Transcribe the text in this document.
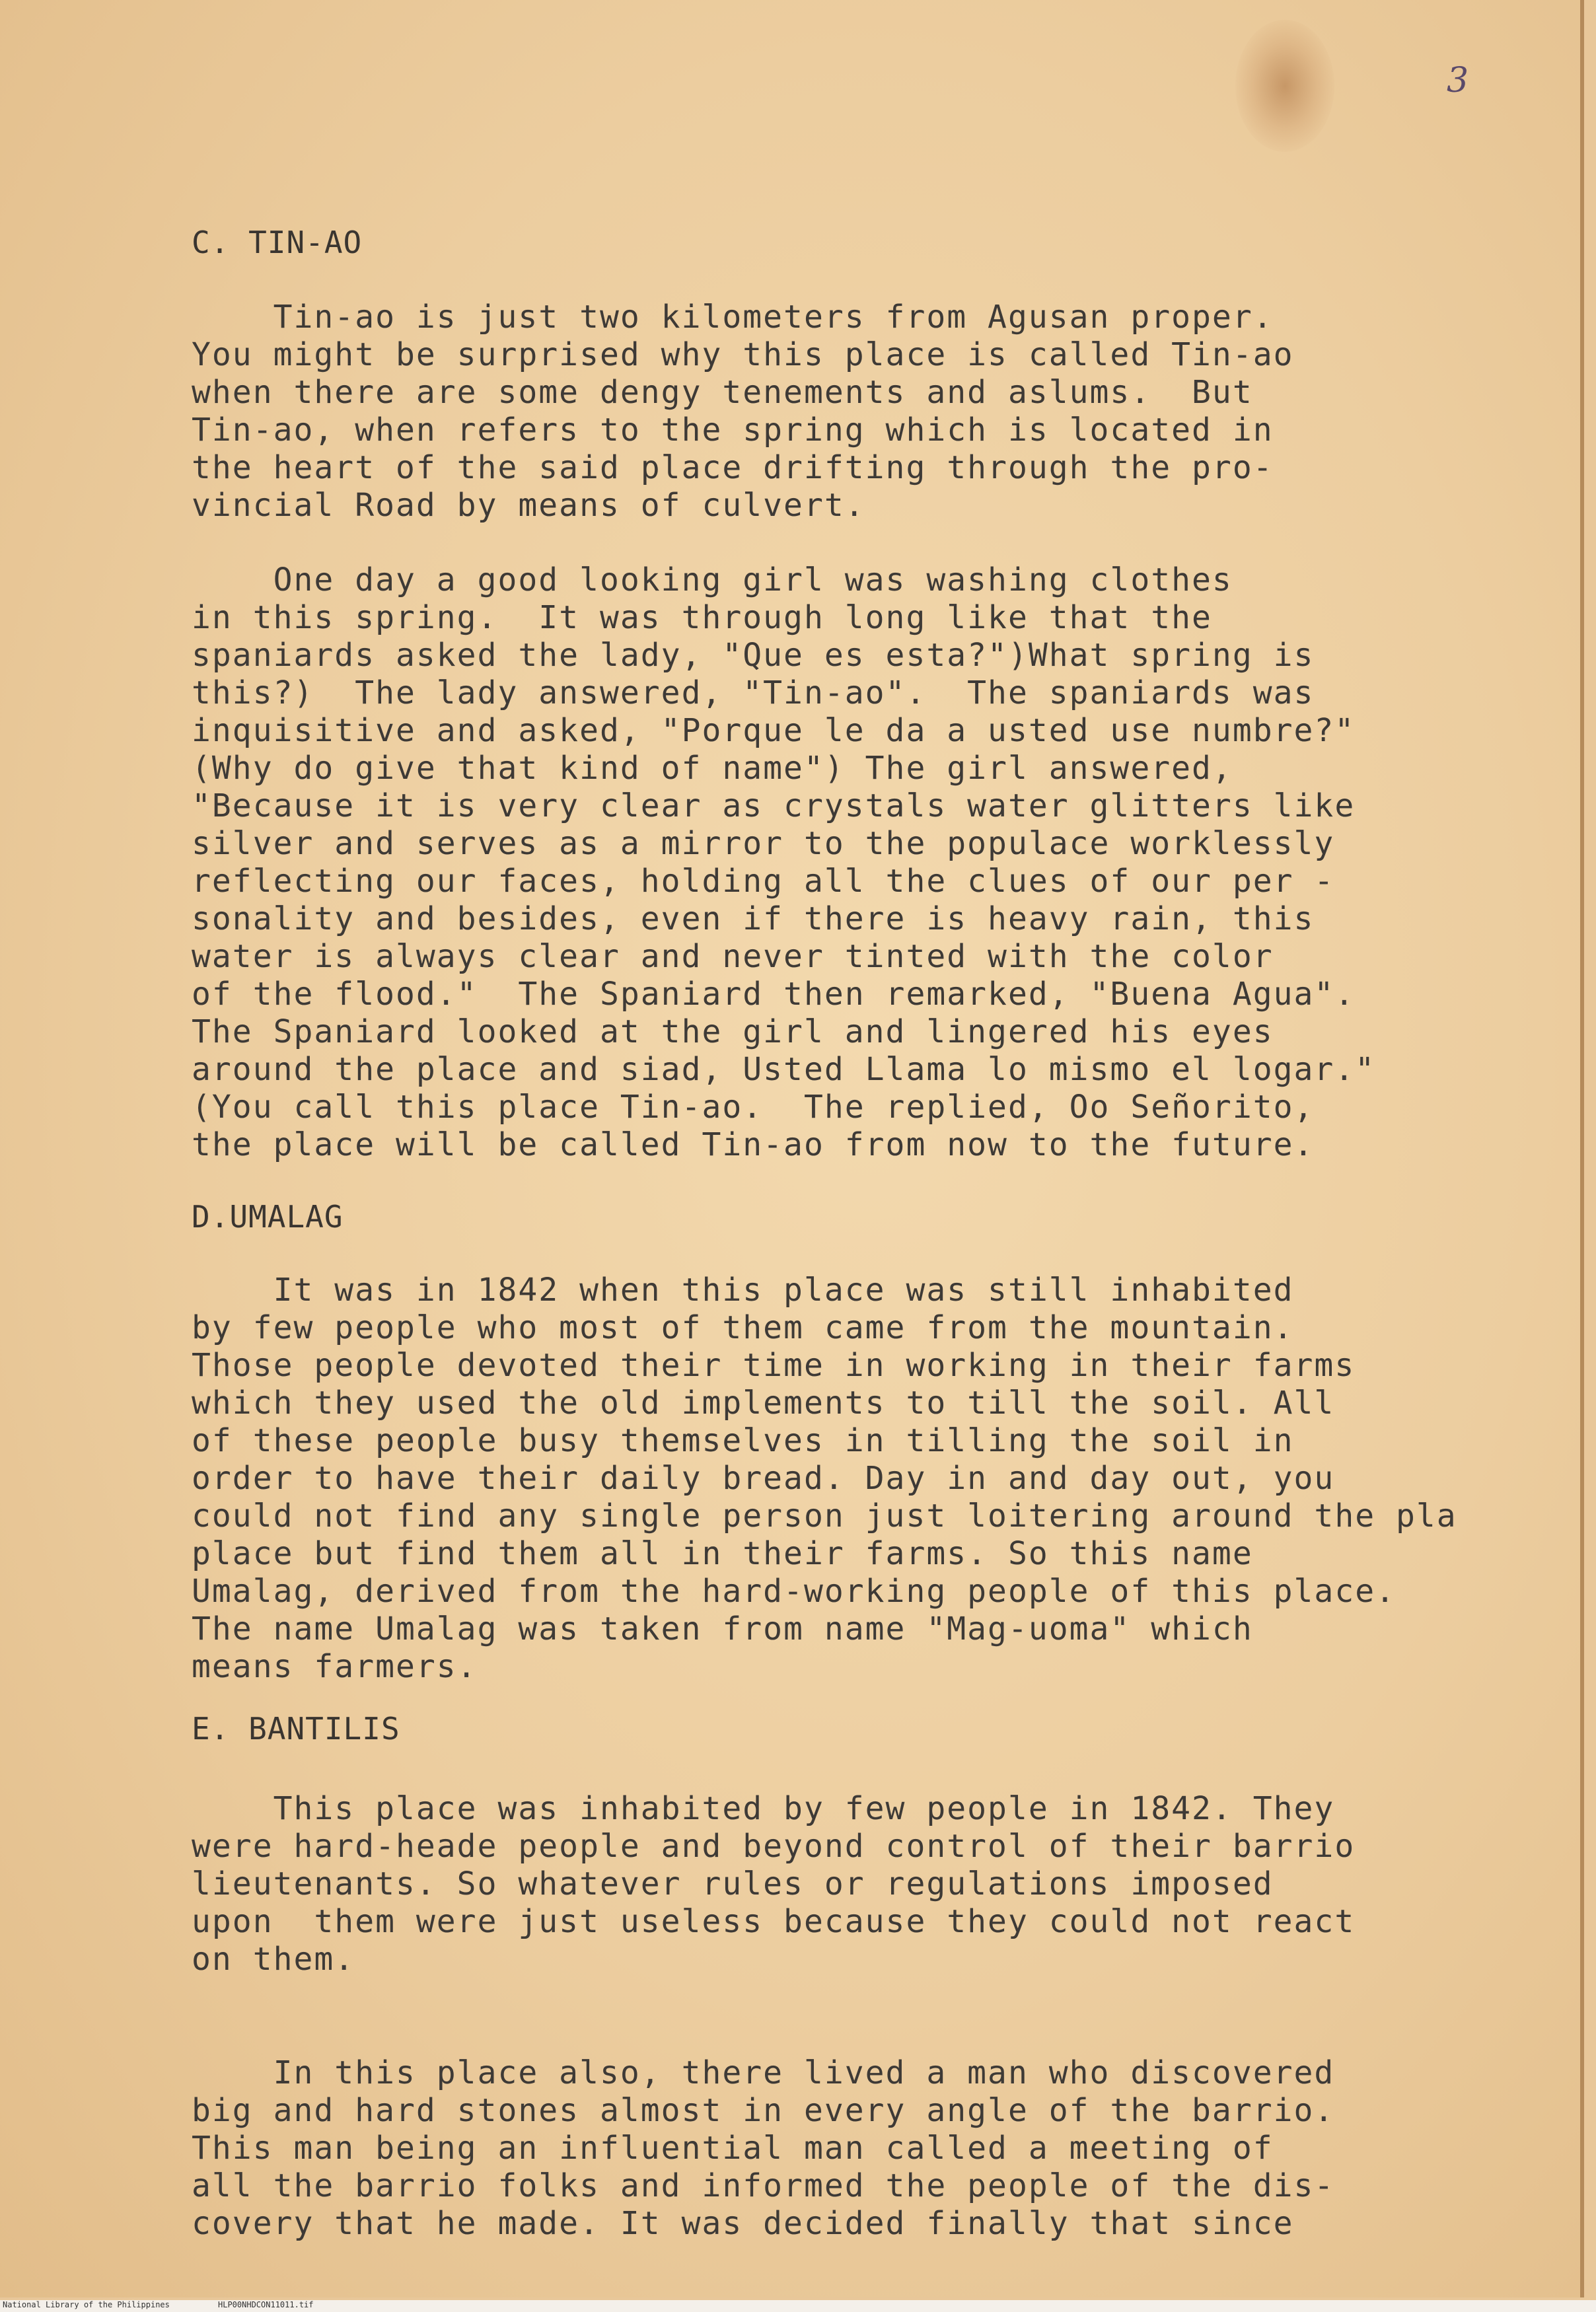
3
C. TIN-AO
Tin-ao is just two kilometers from Agusan proper.
You might be surprised why this place is called Tin-ao
when there are some dengy tenements and aslums.  But
Tin-ao, when refers to the spring which is located in
the heart of the said place drifting through the pro-
vincial Road by means of culvert.
One day a good looking girl was washing clothes
in this spring.  It was through long like that the
spaniards asked the lady, "Que es esta?")What spring is
this?)  The lady answered, "Tin-ao".  The spaniards was
inquisitive and asked, "Porque le da a usted use numbre?"
(Why do give that kind of name") The girl answered,
"Because it is very clear as crystals water glitters like
silver and serves as a mirror to the populace worklessly
reflecting our faces, holding all the clues of our per -
sonality and besides, even if there is heavy rain, this
water is always clear and never tinted with the color
of the flood."  The Spaniard then remarked, "Buena Agua".
The Spaniard looked at the girl and lingered his eyes
around the place and siad, Usted Llama lo mismo el logar."
(You call this place Tin-ao.  The replied, Oo Señorito,
the place will be called Tin-ao from now to the future.
D.UMALAG
It was in 1842 when this place was still inhabited
by few people who most of them came from the mountain.
Those people devoted their time in working in their farms
which they used the old implements to till the soil. All
of these people busy themselves in tilling the soil in
order to have their daily bread. Day in and day out, you
could not find any single person just loitering around the pla
place but find them all in their farms. So this name
Umalag, derived from the hard-working people of this place.
The name Umalag was taken from name "Mag-uoma" which
means farmers.
E. BANTILIS
This place was inhabited by few people in 1842. They
were hard-heade people and beyond control of their barrio
lieutenants. So whatever rules or regulations imposed
upon  them were just useless because they could not react
on them.
In this place also, there lived a man who discovered
big and hard stones almost in every angle of the barrio.
This man being an influential man called a meeting of
all the barrio folks and informed the people of the dis-
covery that he made. It was decided finally that since
National Library of the Philippines	HLP00NHDCON11011.tif
